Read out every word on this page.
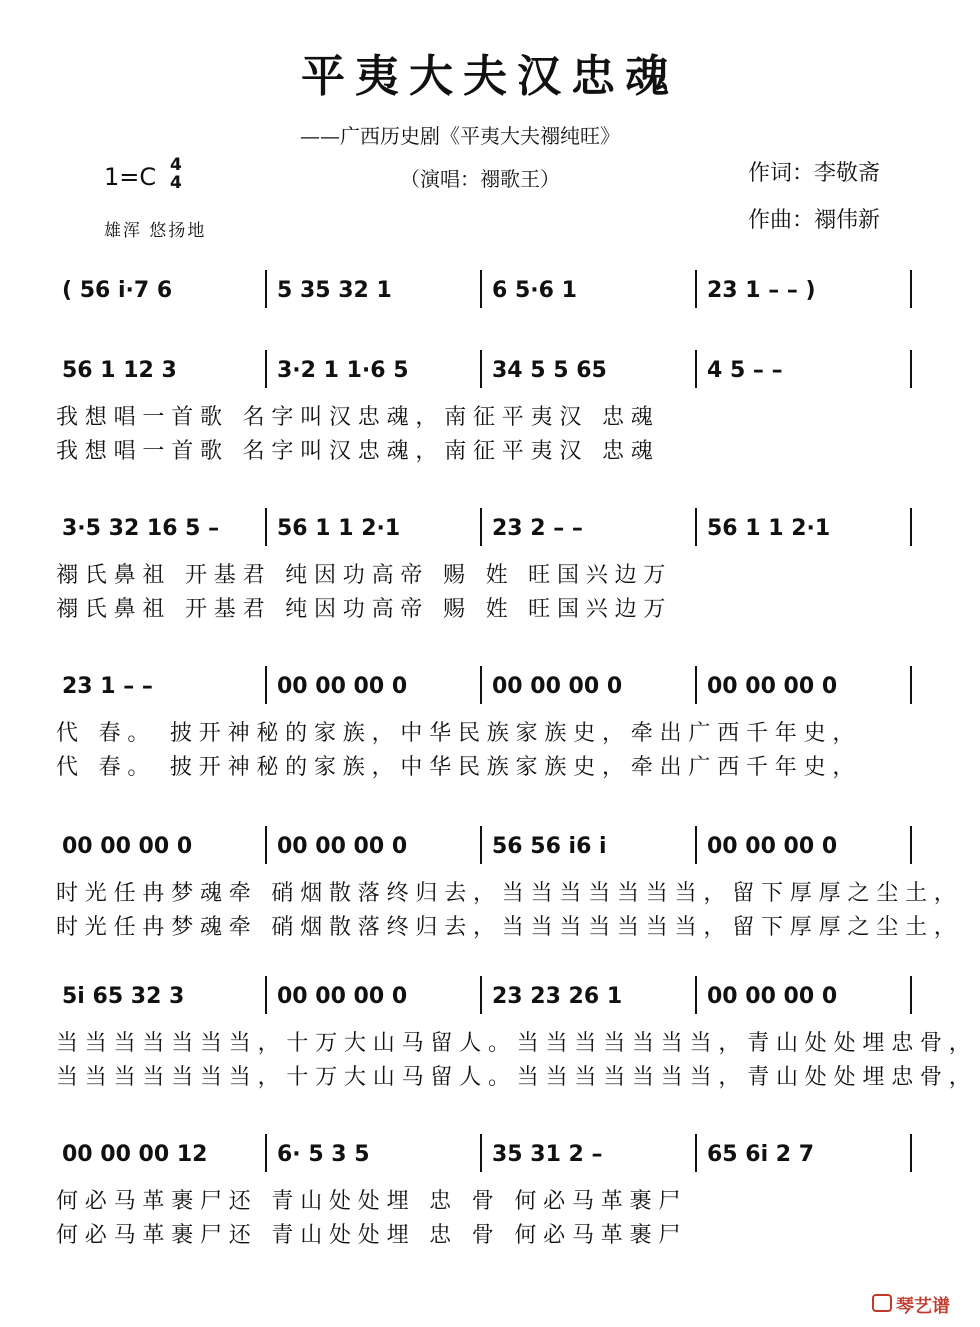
平夷大夫汉忠魂
——广西历史剧《平夷大夫禤纯旺》
（演唱：禤歌王）
1=C 4
4
雄浑 悠扬地
作词：李敬斋
作曲：禤伟新
( 56 i·7 6	5 35 32 1	6 5·6 1	23 1 – – )
56 1 12 3	3·2 1 1·6 5	34 5 5 65	4 5 – –
我想唱一首歌 名字叫汉忠魂，南征平夷汉 忠魂
我想唱一首歌 名字叫汉忠魂，南征平夷汉 忠魂
3·5 32 16 5 –	56 1 1 2·1	23 2 – –	56 1 1 2·1
禤氏鼻祖 开基君 纯因功高帝 赐 姓 旺国兴边万
禤氏鼻祖 开基君 纯因功高帝 赐 姓 旺国兴边万
23 1 – –	00 00 00 0	00 00 00 0	00 00 00 0
代 春。 披开神秘的家族，中华民族家族史，牵出广西千年史，
代 春。 披开神秘的家族，中华民族家族史，牵出广西千年史，
00 00 00 0	00 00 00 0	56 56 i6 i	00 00 00 0
时光任冉梦魂牵 硝烟散落终归去，当当当当当当当，留下厚厚之尘土，
时光任冉梦魂牵 硝烟散落终归去，当当当当当当当，留下厚厚之尘土，
5i 65 32 3	00 00 00 0	23 23 26 1	00 00 00 0
当当当当当当当，十万大山马留人。当当当当当当当，青山处处埋忠骨，
当当当当当当当，十万大山马留人。当当当当当当当，青山处处埋忠骨，
00 00 00 12	6· 5 3 5	35 31 2 –	65 6i 2 7
何必马革裹尸还 青山处处埋 忠 骨 何必马革裹尸
何必马革裹尸还 青山处处埋 忠 骨 何必马革裹尸
琴艺谱
